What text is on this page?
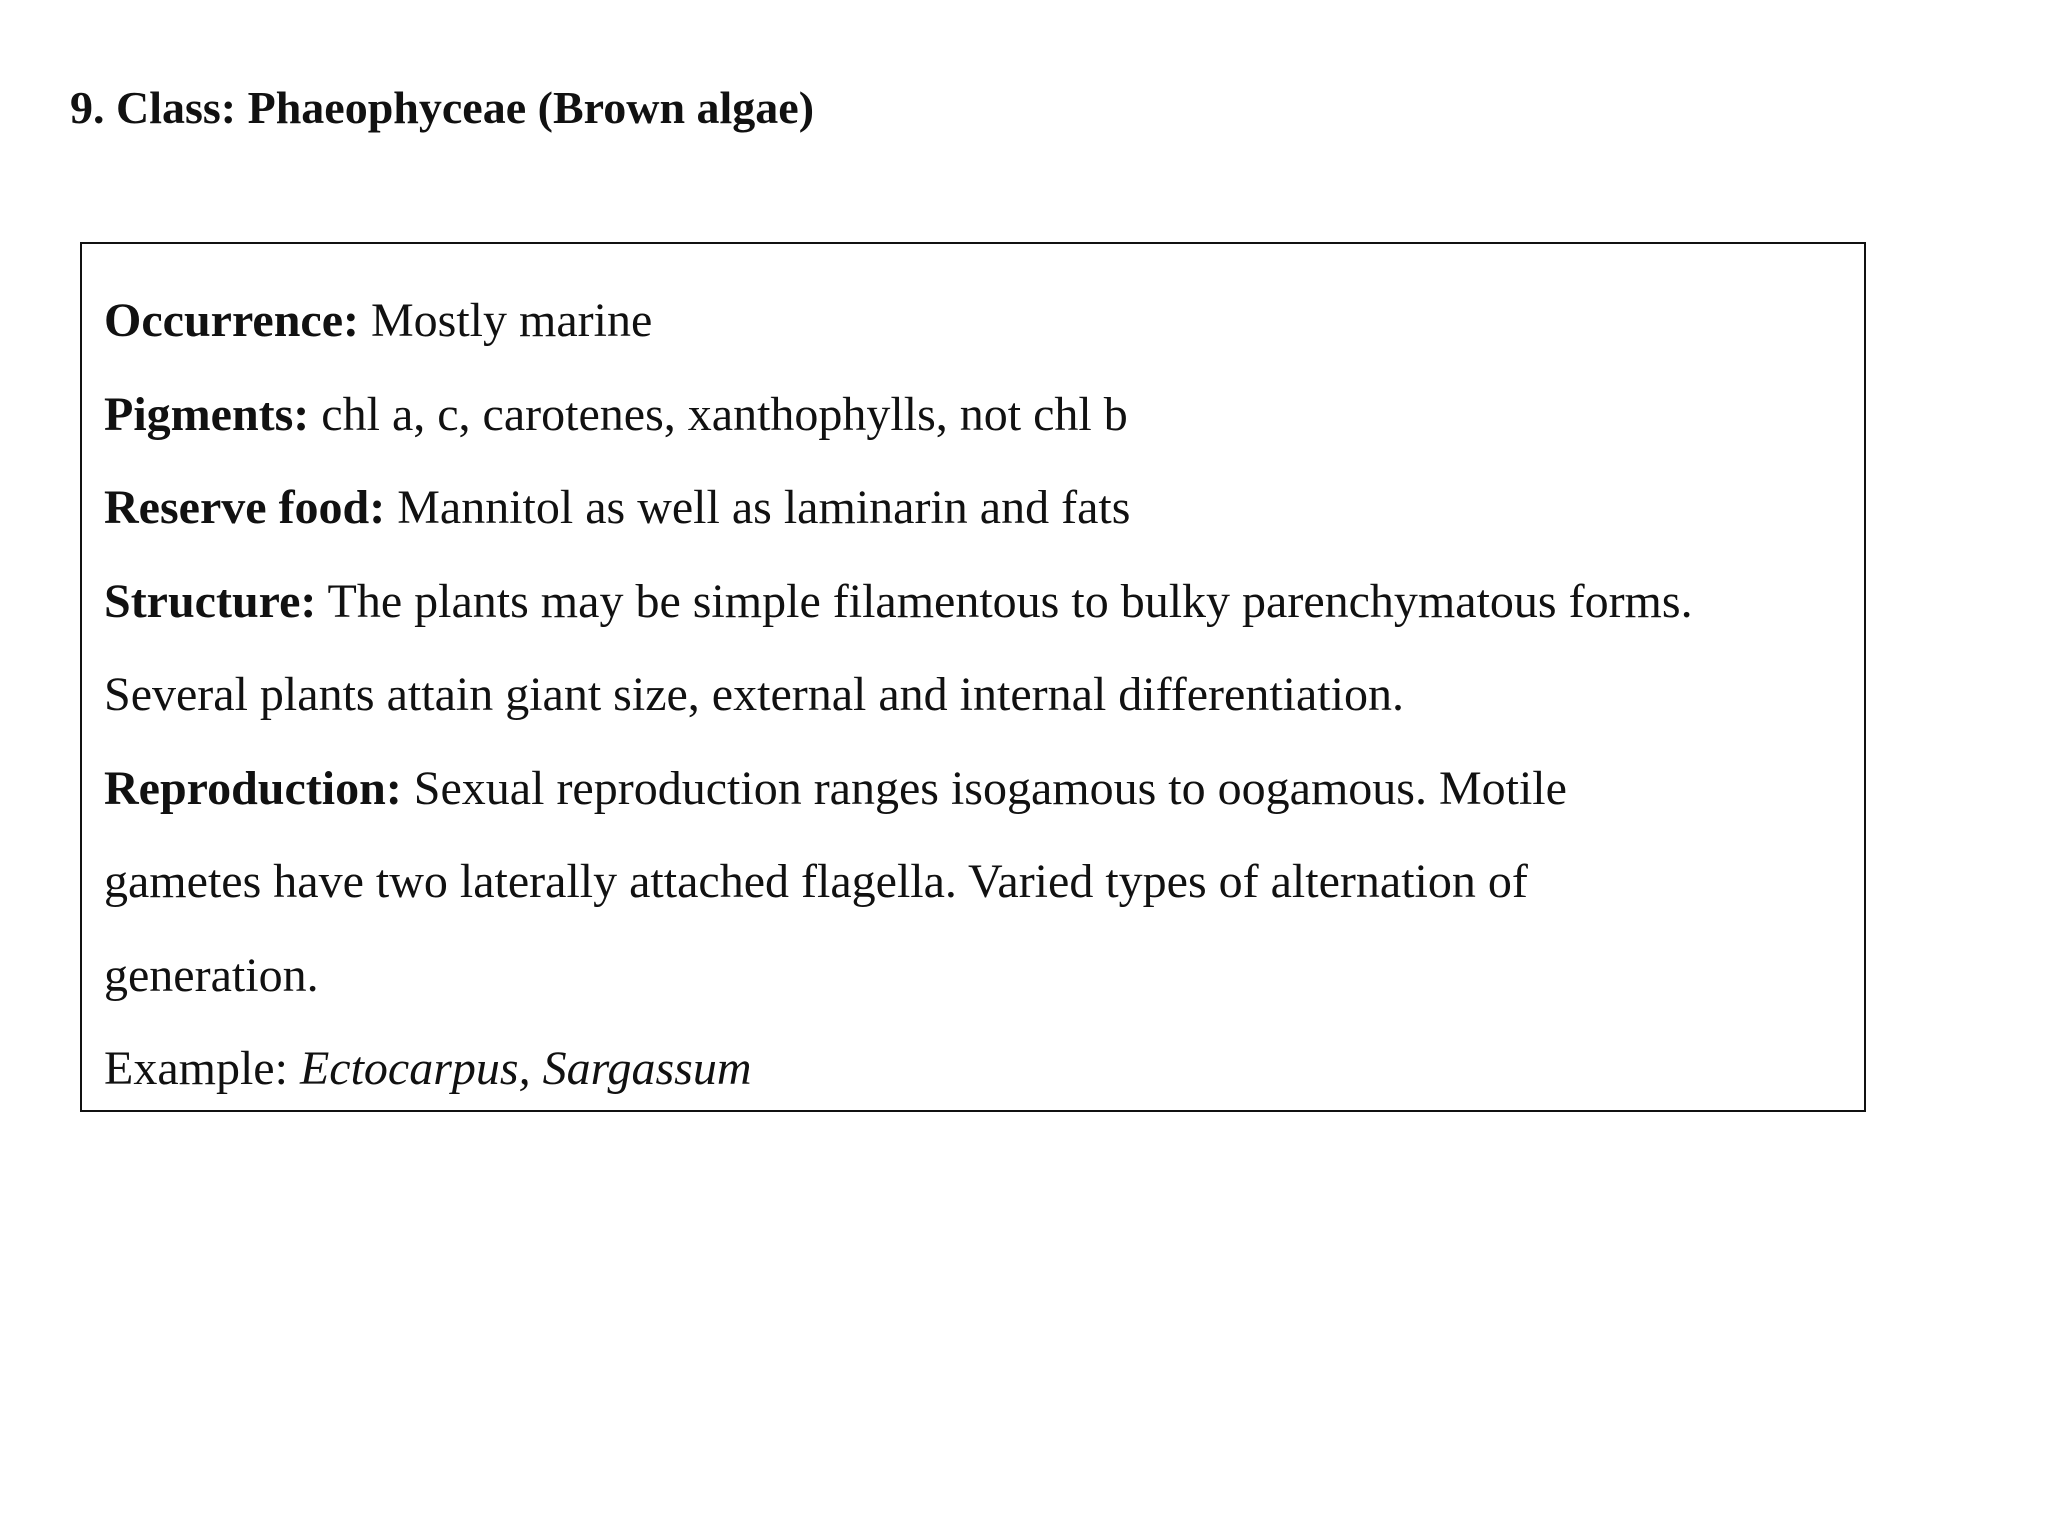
9. Class: Phaeophyceae (Brown algae)
Occurrence: Mostly marine
Pigments: chl a, c, carotenes, xanthophylls, not chl b
Reserve food: Mannitol as well as laminarin and fats
Structure: The plants may be simple filamentous to bulky parenchymatous forms.
Several plants attain giant size, external and internal differentiation.
Reproduction: Sexual reproduction ranges isogamous to oogamous. Motile
gametes have two laterally attached flagella. Varied types of alternation of
generation.
Example: Ectocarpus, Sargassum
